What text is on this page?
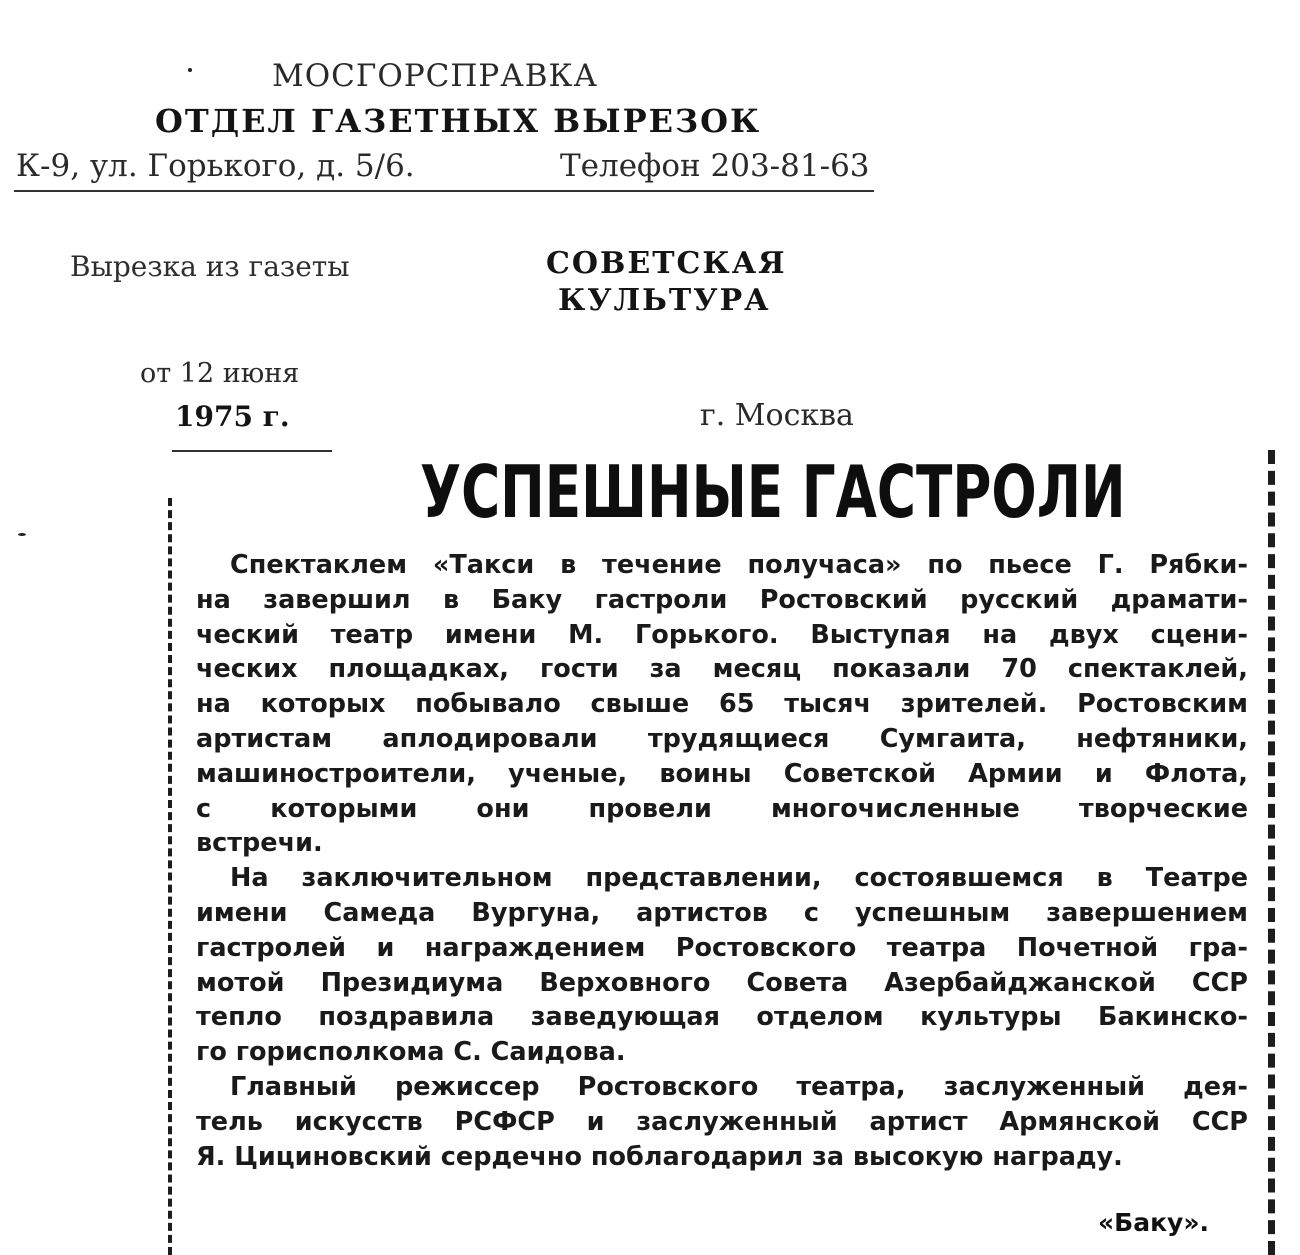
МОСГОРСПРАВКА
ОТДЕЛ ГАЗЕТНЫХ ВЫРЕЗОК
К-9, ул. Горького, д. 5/6.	Телефон 203-81-63
Вырезка из газеты	СОВЕТСКАЯ
КУЛЬТУРА
от 12 июня
1975 г.	г. Москва
УСПЕШНЫЕ ГАСТРОЛИ
Спектаклем «Такси в течение получаса» по пьесе Г. Рябки-
на завершил в Баку гастроли Ростовский русский драмати-
ческий театр имени М. Горького. Выступая на двух сцени-
ческих площадках, гости за месяц показали 70 спектаклей,
на которых побывало свыше 65 тысяч зрителей. Ростовским
артистам аплодировали трудящиеся Сумгаита, нефтяники,
машиностроители, ученые, воины Советской Армии и Флота,
с которыми они провели многочисленные творческие
встречи.
На заключительном представлении, состоявшемся в Театре
имени Самеда Вургуна, артистов с успешным завершением
гастролей и награждением Ростовского театра Почетной гра-
мотой Президиума Верховного Совета Азербайджанской ССР
тепло поздравила заведующая отделом культуры Бакинско-
го горисполкома С. Саидова.
Главный режиссер Ростовского театра, заслуженный дея-
тель искусств РСФСР и заслуженный артист Армянской ССР
Я. Цициновский сердечно поблагодарил за высокую награду.
«Баку».
